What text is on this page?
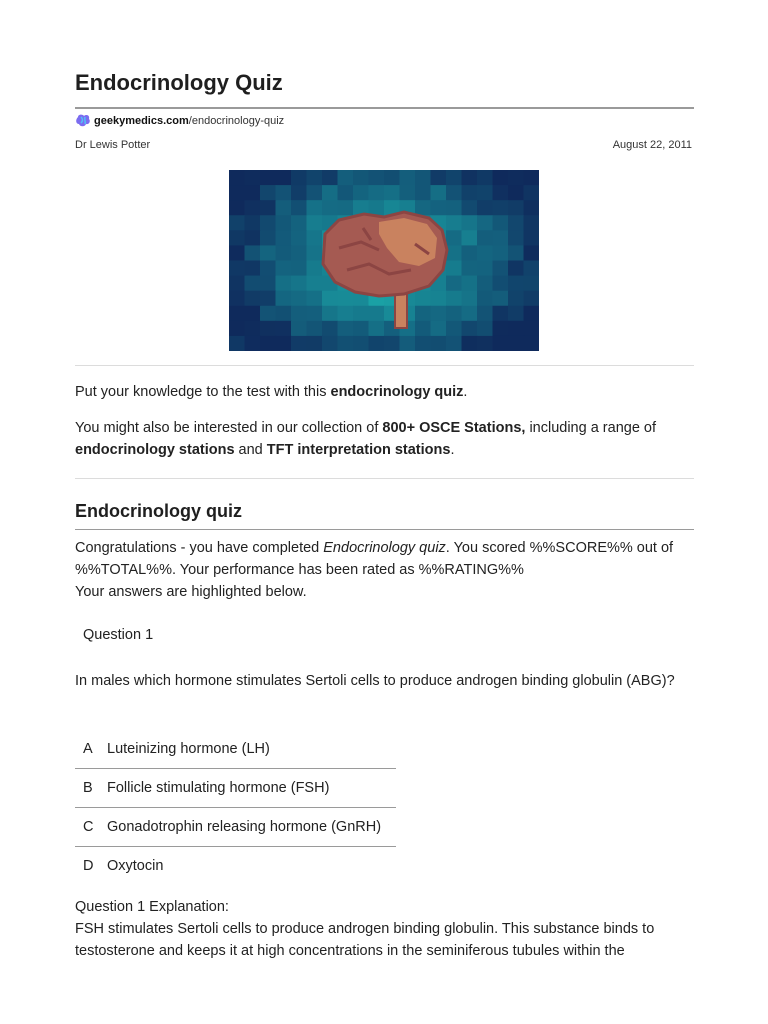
Endocrinology Quiz
geekymedics.com /endocrinology-quiz
Dr Lewis Potter	August 22, 2011

Put your knowledge to the test with this endocrinology quiz.

You might also be interested in our collection of 800+ OSCE Stations, including a range of endocrinology stations and TFT interpretation stations.

Endocrinology quiz

Congratulations - you have completed Endocrinology quiz. You scored %%SCORE%% out of %%TOTAL%%. Your performance has been rated as %%RATING%%
Your answers are highlighted below.

Question 1

In males which hormone stimulates Sertoli cells to produce androgen binding globulin (ABG)?

A Luteinizing hormone (LH)
B Follicle stimulating hormone (FSH)
C Gonadotrophin releasing hormone (GnRH)
D Oxytocin

Question 1 Explanation:
FSH stimulates Sertoli cells to produce androgen binding globulin. This substance binds to testosterone and keeps it at high concentrations in the seminiferous tubules within the
